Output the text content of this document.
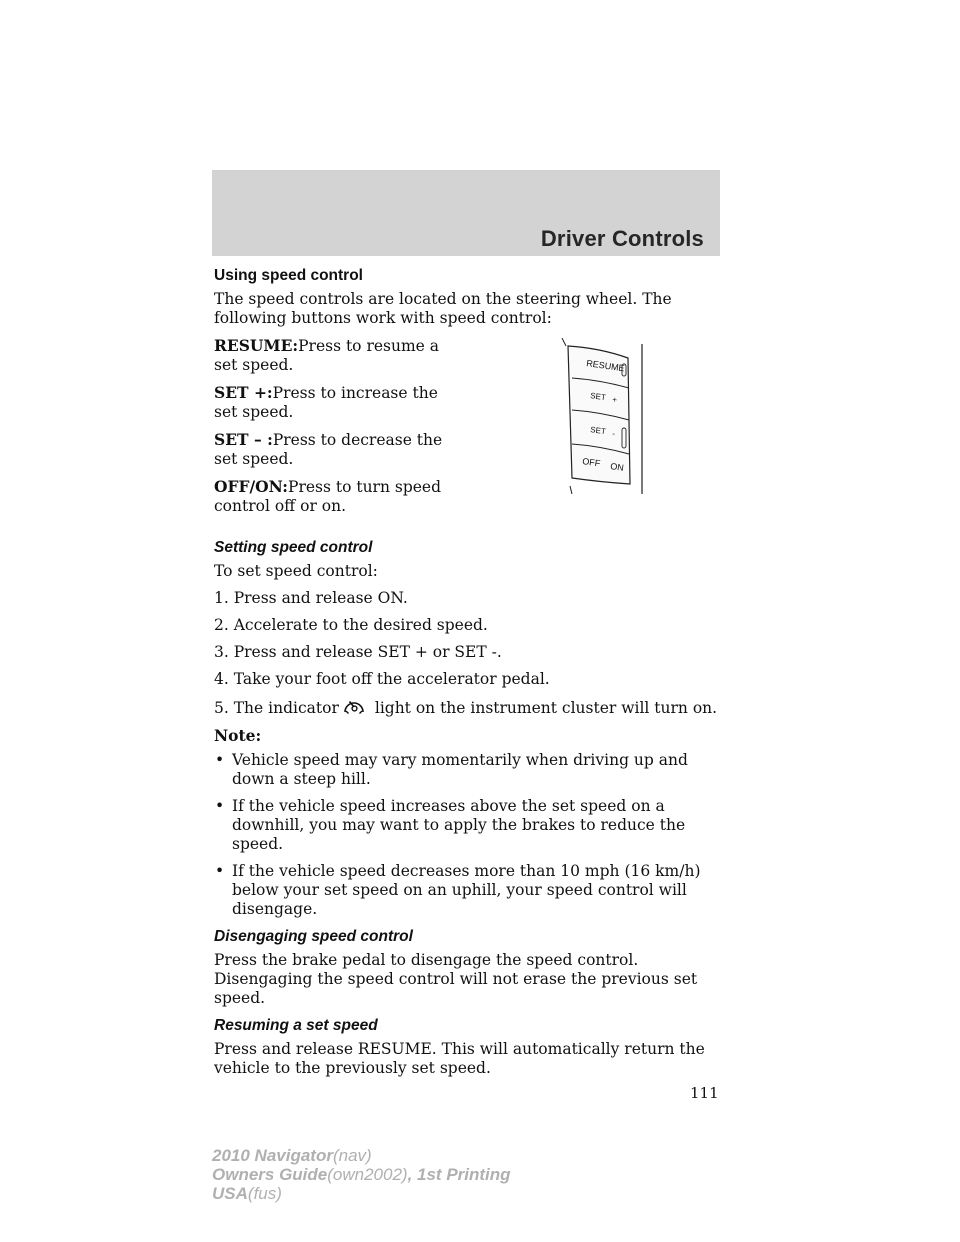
Driver Controls
Using speed control

The speed controls are located on the steering wheel. The following buttons work with speed control:

RESUME:Press to resume a set speed.

SET +:Press to increase the set speed.

SET – :Press to decrease the set speed.

OFF/ON:Press to turn speed control off or on.

Setting speed control

To set speed control:

1. Press and release ON.
2. Accelerate to the desired speed.
3. Press and release SET + or SET -.
4. Take your foot off the accelerator pedal.
5. The indicator light on the instrument cluster will turn on.
Note:
• Vehicle speed may vary momentarily when driving up and down a steep hill.
• If the vehicle speed increases above the set speed on a downhill, you may want to apply the brakes to reduce the speed.
• If the vehicle speed decreases more than 10 mph (16 km/h) below your set speed on an uphill, your speed control will disengage.
Disengaging speed control

Press the brake pedal to disengage the speed control. Disengaging the speed control will not erase the previous set speed.

Resuming a set speed

Press and release RESUME. This will automatically return the vehicle to the previously set speed.

RESUME
SET +
SET -
OFF ON
111
2010 Navigator(nav)
Owners Guide(own2002), 1st Printing
USA(fus)
